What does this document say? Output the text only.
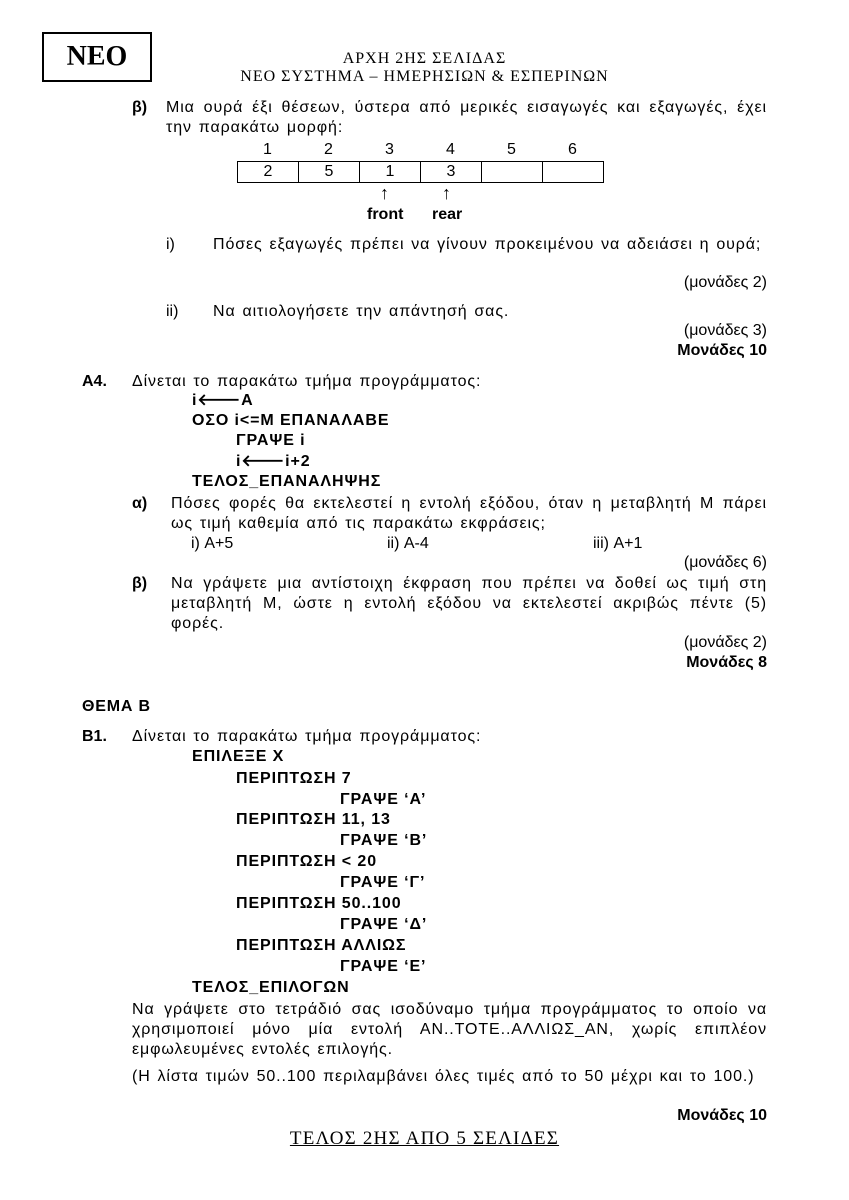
ΝΕΟ	ΑΡΧΗ 2ΗΣ ΣΕΛΙΔΑΣ
ΝΕΟ ΣΥΣΤΗΜΑ – ΗΜΕΡΗΣΙΩΝ & ΕΣΠΕΡΙΝΩΝ
β) Μια ουρά έξι θέσεων, ύστερα από μερικές εισαγωγές και εξαγωγές, έχει την παρακάτω μορφή:
1	2	3	4	5	6
2	5	1	3
↑	↑
front rear
i) Πόσες εξαγωγές πρέπει να γίνουν προκειμένου να αδειάσει η ουρά;
(μονάδες 2)
ii) Να αιτιολογήσετε την απάντησή σας.
(μονάδες 3)
Μονάδες 10
Α4. Δίνεται το παρακάτω τμήμα προγράμματος:
i🡐Α
ΟΣΟ i<=Μ ΕΠΑΝΑΛΑΒΕ
ΓΡΑΨΕ i
i🡐i+2
ΤΕΛΟΣ_ΕΠΑΝΑΛΗΨΗΣ
α) Πόσες φορές θα εκτελεστεί η εντολή εξόδου, όταν η μεταβλητή Μ πάρει ως τιμή καθεμία από τις παρακάτω εκφράσεις;
i) Α+5	ii) Α-4	iii) Α+1
(μονάδες 6)
β) Να γράψετε μια αντίστοιχη έκφραση που πρέπει να δοθεί ως τιμή στη μεταβλητή Μ, ώστε η εντολή εξόδου να εκτελεστεί ακριβώς πέντε (5) φορές.
(μονάδες 2)
Μονάδες 8
ΘΕΜΑ Β
Β1. Δίνεται το παρακάτω τμήμα προγράμματος:
ΕΠΙΛΕΞΕ Χ
ΠΕΡΙΠΤΩΣΗ 7
ΓΡΑΨΕ ‘Α’
ΠΕΡΙΠΤΩΣΗ 11, 13
ΓΡΑΨΕ ‘Β’
ΠΕΡΙΠΤΩΣΗ < 20
ΓΡΑΨΕ ‘Γ’
ΠΕΡΙΠΤΩΣΗ 50..100
ΓΡΑΨΕ ‘Δ’
ΠΕΡΙΠΤΩΣΗ ΑΛΛΙΩΣ
ΓΡΑΨΕ ‘Ε’
ΤΕΛΟΣ_ΕΠΙΛΟΓΩΝ
Να γράψετε στο τετράδιό σας ισοδύναμο τμήμα προγράμματος το οποίο να χρησιμοποιεί μόνο μία εντολή ΑΝ..ΤΟΤΕ..ΑΛΛΙΩΣ_ΑΝ, χωρίς επιπλέον εμφωλευμένες εντολές επιλογής.
(Η λίστα τιμών 50..100 περιλαμβάνει όλες τιμές από το 50 μέχρι και το 100.)
Μονάδες 10
ΤΕΛΟΣ 2ΗΣ ΑΠΟ 5 ΣΕΛΙΔΕΣ
